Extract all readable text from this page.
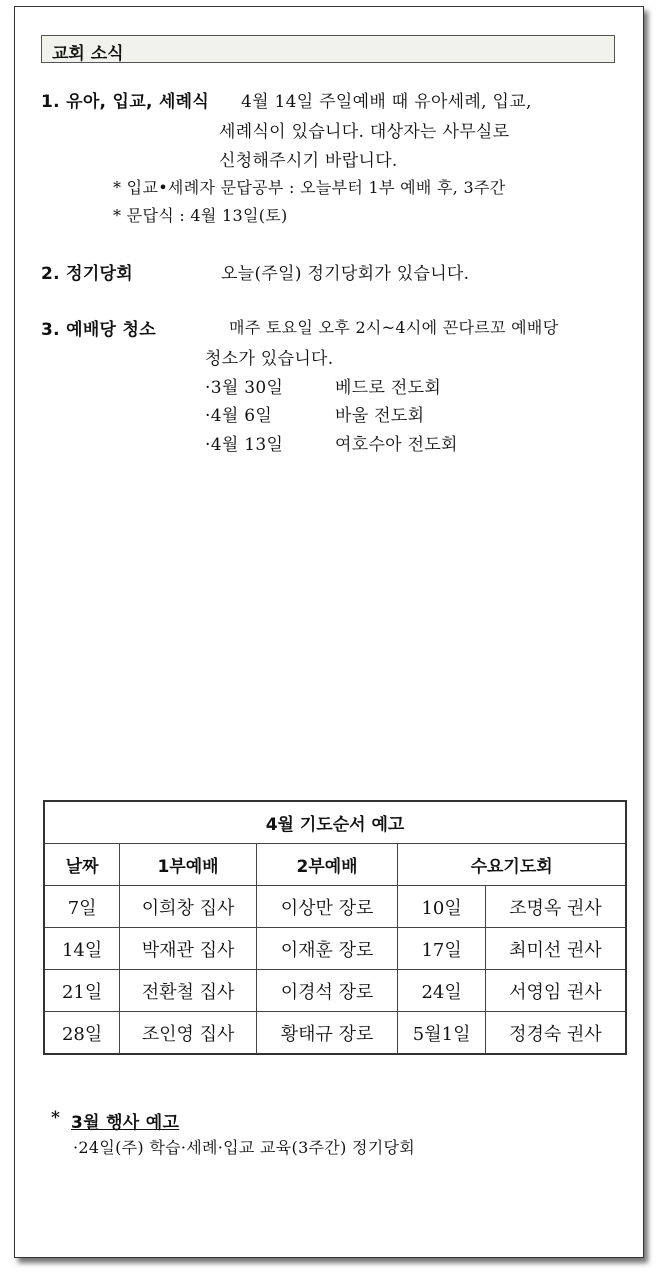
교회 소식
1. 유아, 입교, 세례식 4월 14일 주일예배 때 유아세례, 입교,
세례식이 있습니다. 대상자는 사무실로
신청해주시기 바랍니다.
* 입교•세례자 문답공부 : 오늘부터 1부 예배 후, 3주간
* 문답식 : 4월 13일(토)
2. 정기당회	오늘(주일) 정기당회가 있습니다.
3. 예배당 청소	매주 토요일 오후 2시~4시에 꼰다르꼬 예배당
청소가 있습니다.
·3월 30일	베드로 전도회
·4월 6일	바울 전도회
·4월 13일	여호수아 전도회
4월 기도순서 예고				
날짜	1부예배	2부예배	수요기도회	
7일	이희창 집사	이상만 장로	10일	조명옥 권사
14일	박재관 집사	이재훈 장로	17일	최미선 권사
21일	전환철 집사	이경석 장로	24일	서영임 권사
28일	조인영 집사	황태규 장로	5월1일	정경숙 권사
* 3월 행사 예고
·24일(주) 학습·세례·입교 교육(3주간) 정기당회
